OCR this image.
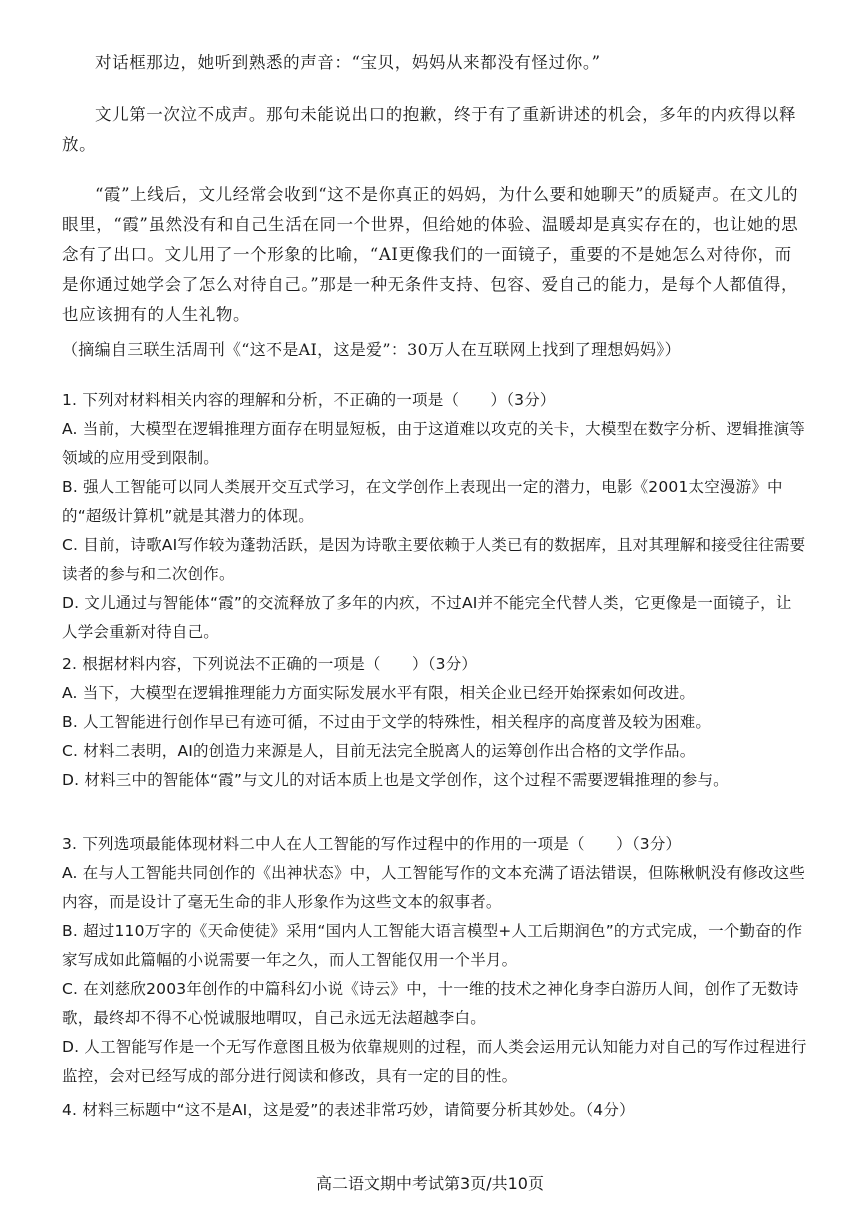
对话框那边，她听到熟悉的声音：“宝贝，妈妈从来都没有怪过你。”

文儿第一次泣不成声。那句未能说出口的抱歉，终于有了重新讲述的机会，多年的内疚得以释放。

“霞”上线后，文儿经常会收到“这不是你真正的妈妈，为什么要和她聊天”的质疑声。在文儿的眼里，“霞”虽然没有和自己生活在同一个世界，但给她的体验、温暖却是真实存在的，也让她的思念有了出口。文儿用了一个形象的比喻，“AI更像我们的一面镜子，重要的不是她怎么对待你，而是你通过她学会了怎么对待自己。”那是一种无条件支持、包容、爱自己的能力，是每个人都值得，也应该拥有的人生礼物。

（摘编自三联生活周刊《“这不是AI，这是爱”：30万人在互联网上找到了理想妈妈》）

1. 下列对材料相关内容的理解和分析，不正确的一项是（　　）（3分）

A. 当前，大模型在逻辑推理方面存在明显短板，由于这道难以攻克的关卡，大模型在数字分析、逻辑推演等领域的应用受到限制。

B. 强人工智能可以同人类展开交互式学习，在文学创作上表现出一定的潜力，电影《2001太空漫游》中的“超级计算机”就是其潜力的体现。

C. 目前，诗歌AI写作较为蓬勃活跃，是因为诗歌主要依赖于人类已有的数据库，且对其理解和接受往往需要读者的参与和二次创作。

D. 文儿通过与智能体“霞”的交流释放了多年的内疚，不过AI并不能完全代替人类，它更像是一面镜子，让人学会重新对待自己。

2. 根据材料内容，下列说法不正确的一项是（　　）（3分）

A. 当下，大模型在逻辑推理能力方面实际发展水平有限，相关企业已经开始探索如何改进。

B. 人工智能进行创作早已有迹可循，不过由于文学的特殊性，相关程序的高度普及较为困难。

C. 材料二表明，AI的创造力来源是人，目前无法完全脱离人的运筹创作出合格的文学作品。

D. 材料三中的智能体“霞”与文儿的对话本质上也是文学创作，这个过程不需要逻辑推理的参与。

3. 下列选项最能体现材料二中人在人工智能的写作过程中的作用的一项是（　　）（3分）

A. 在与人工智能共同创作的《出神状态》中，人工智能写作的文本充满了语法错误，但陈楸帆没有修改这些内容，而是设计了毫无生命的非人形象作为这些文本的叙事者。

B. 超过110万字的《天命使徒》采用“国内人工智能大语言模型+人工后期润色”的方式完成，一个勤奋的作家写成如此篇幅的小说需要一年之久，而人工智能仅用一个半月。

C. 在刘慈欣2003年创作的中篇科幻小说《诗云》中，十一维的技术之神化身李白游历人间，创作了无数诗歌，最终却不得不心悦诚服地喟叹，自己永远无法超越李白。

D. 人工智能写作是一个无写作意图且极为依靠规则的过程，而人类会运用元认知能力对自己的写作过程进行监控，会对已经写成的部分进行阅读和修改，具有一定的目的性。

4. 材料三标题中“这不是AI，这是爱”的表述非常巧妙，请简要分析其妙处。（4分）

高二语文期中考试第3页/共10页
